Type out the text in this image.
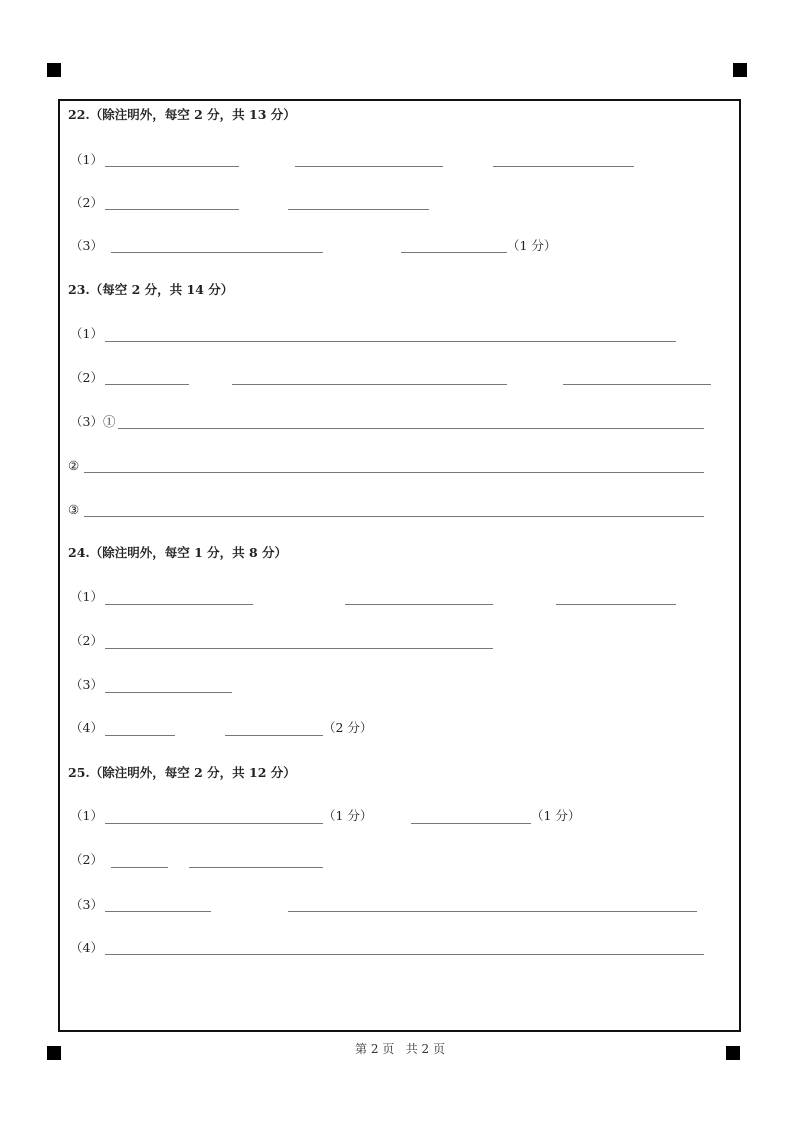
22.（除注明外，每空 2 分，共 13 分）
（1）
（2）
（3）	（1 分）
23.（每空 2 分，共 14 分）
（1）
（2）
（3）①
②
③
24.（除注明外，每空 1 分，共 8 分）
（1）
（2）
（3）
（4）	（2 分）
25.（除注明外，每空 2 分，共 12 分）
（1）	（1 分）	（1 分）
（2）
（3）
（4）
第 2 页   共 2 页
